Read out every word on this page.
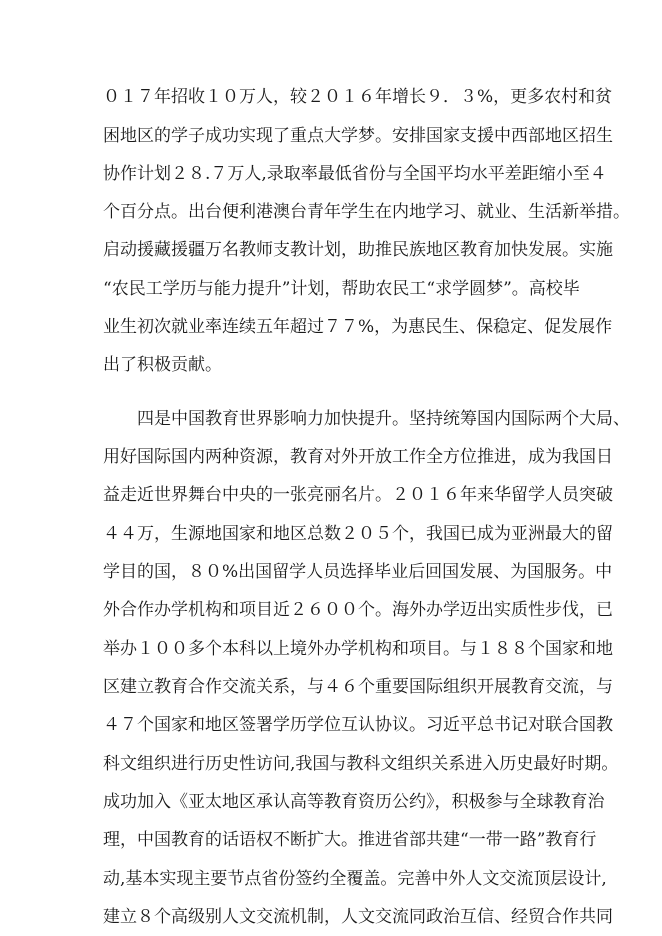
０１７年招收１０万人，较２０１６年增长９．３%，更多农村和贫
困地区的学子成功实现了重点大学梦。安排国家支援中西部地区招生
协作计划２８.７万人,录取率最低省份与全国平均水平差距缩小至４
个百分点。出台便利港澳台青年学生在内地学习、就业、生活新举措。
启动援藏援疆万名教师支教计划，助推民族地区教育加快发展。实施
“农民工学历与能力提升”计划，帮助农民工“求学圆梦”。高校毕
业生初次就业率连续五年超过７７%，为惠民生、保稳定、促发展作
出了积极贡献。
四是中国教育世界影响力加快提升。坚持统筹国内国际两个大局、
用好国际国内两种资源，教育对外开放工作全方位推进，成为我国日
益走近世界舞台中央的一张亮丽名片。２０１６年来华留学人员突破
４４万，生源地国家和地区总数２０５个，我国已成为亚洲最大的留
学目的国，８０%出国留学人员选择毕业后回国发展、为国服务。中
外合作办学机构和项目近２６００个。海外办学迈出实质性步伐，已
举办１００多个本科以上境外办学机构和项目。与１８８个国家和地
区建立教育合作交流关系，与４６个重要国际组织开展教育交流，与
４７个国家和地区签署学历学位互认协议。习近平总书记对联合国教
科文组织进行历史性访问,我国与教科文组织关系进入历史最好时期。
成功加入《亚太地区承认高等教育资历公约》，积极参与全球教育治
理，中国教育的话语权不断扩大。推进省部共建“一带一路”教育行
动,基本实现主要节点省份签约全覆盖。完善中外人文交流顶层设计,
建立８个高级别人文交流机制，人文交流同政治互信、经贸合作共同
